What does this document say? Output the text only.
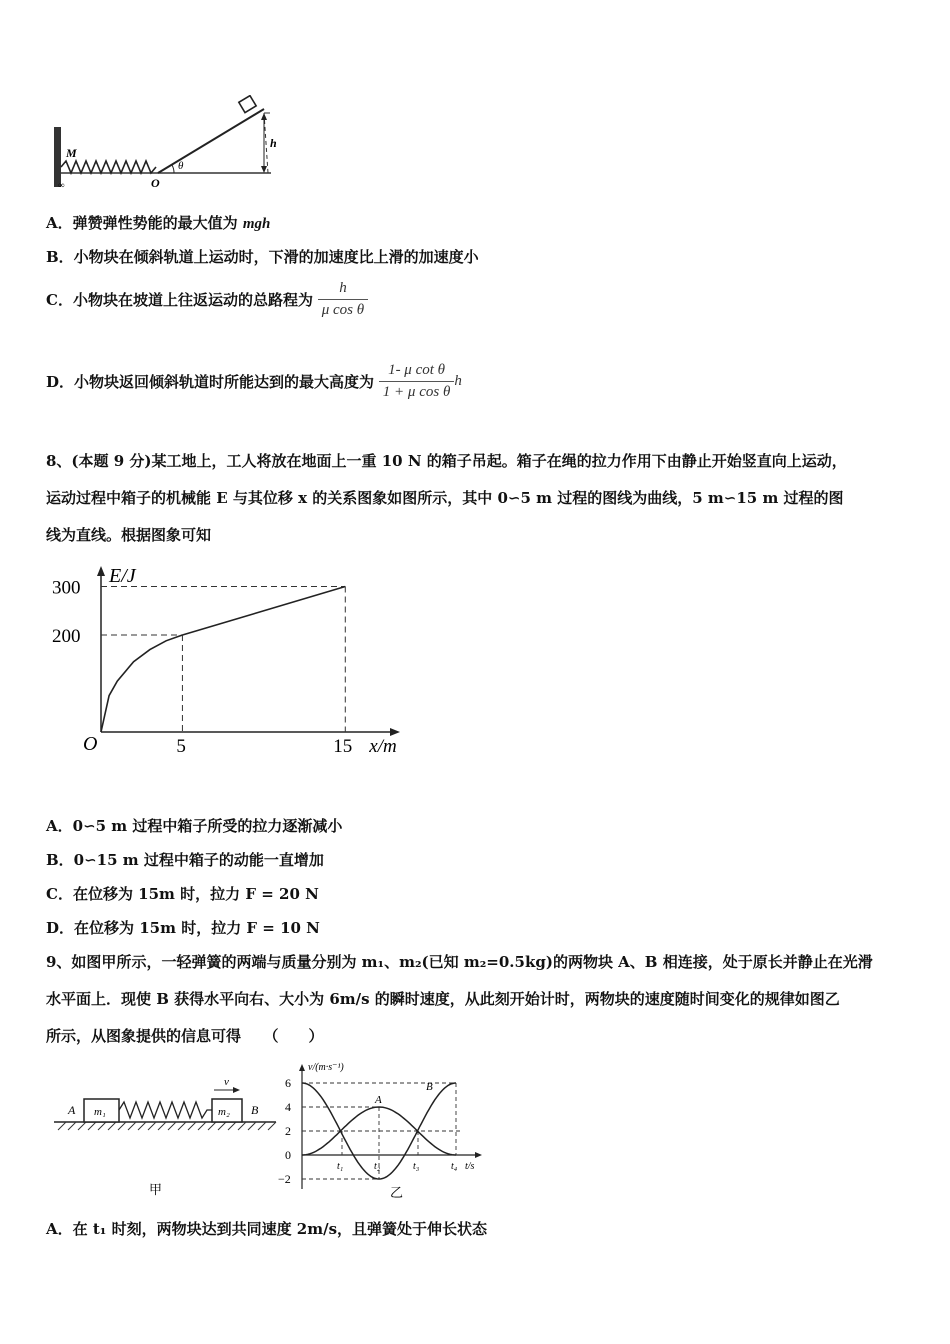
M
O
θ
h
∞
A．弹赞弹性势能的最大值为 mgh
B．小物块在倾斜轨道上运动时，下滑的加速度比上滑的加速度小
C．小物块在坡道上往返运动的总路程为 $\frac{h}{\text{μ cos θ}}$
D．小物块返回倾斜轨道时所能达到的最大高度为 $\frac{\text{1- μ cot θ}}{\text{1 + μ cos θ}}$ h
8、(本题 9 分)某工地上，工人将放在地面上一重 10 N 的箱子吊起。箱子在绳的拉力作用下由静止开始竖直向上运动，
运动过程中箱子的机械能 E 与其位移 x 的关系图象如图所示，其中 0∽5 m 过程的图线为曲线，5 m∽15 m 过程的图
线为直线。根据图象可知
E/J
300
200
O	5	15 x/m
A．0∽5 m 过程中箱子所受的拉力逐渐减小
B．0∽15 m 过程中箱子的动能一直增加
C．在位移为 15m 时，拉力 F = 20 N
D．在位移为 15m 时，拉力 F = 10 N
9、如图甲所示，一轻弹簧的两端与质量分别为 m₁、m₂(已知 m₂=0.5kg)的两物块 A、B 相连接，处于原长并静止在光滑
水平面上．现使 B 获得水平向右、大小为 6m/s 的瞬时速度，从此刻开始计时，两物块的速度随时间变化的规律如图乙
所示，从图象提供的信息可得　　（　　）
v
A m₁	m₂ B
甲
A
B
6
4
2
0
−2
t₁	t₂	t₃	t₄ t/s
v/(m·s⁻¹)
乙
A．在 t₁ 时刻，两物块达到共同速度 2m/s，且弹簧处于伸长状态
